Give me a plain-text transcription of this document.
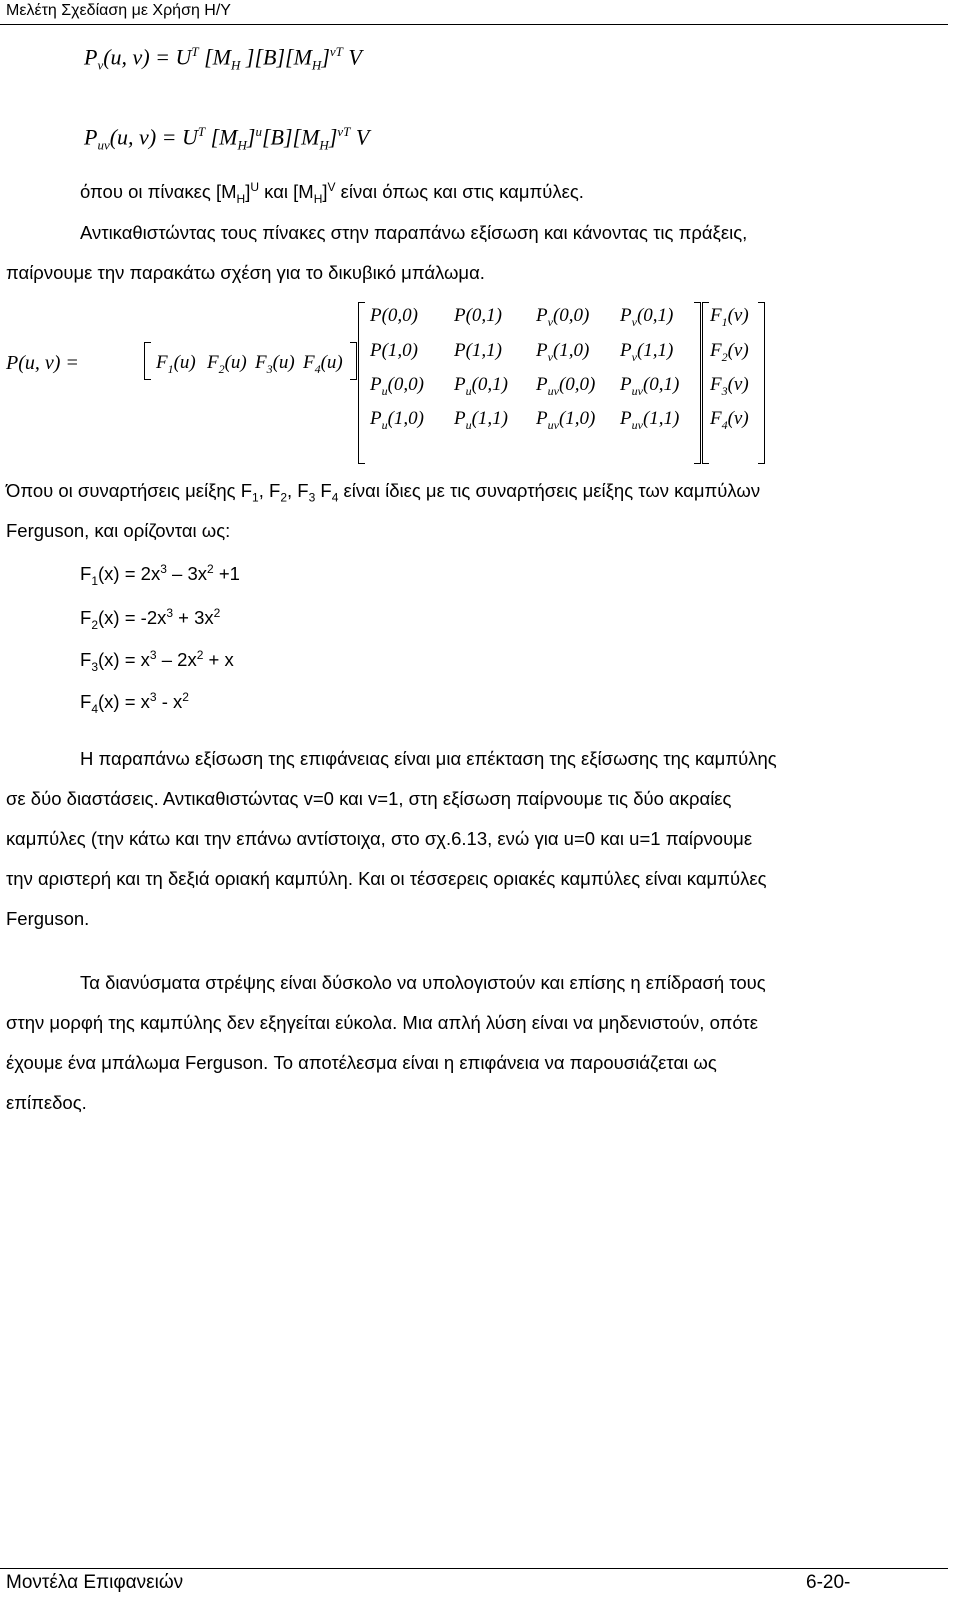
Μελέτη Σχεδίαση με Χρήση Η/Υ
$P_v(u$, $v) = U^T$ [$M_H$ ]$[B][M_H]^{vT}$ V
$P_{uv}(u$, $v) = U^T$ $[M_H]^u[B][M_H]^{vT}$ V
όπου οι πίνακες $[M_H]^U$ και $[M_H]^V$ είναι όπως και στις καμπύλες.
Αντικαθιστώντας τους πίνακες στην παραπάνω εξίσωση και κάνοντας τις πράξεις,
παίρνουμε την παρακάτω σχέση για το δικυβικό μπάλωμα.
P(u, v) =	$F_1(u)$ $F_2(u)$ $F_3(u)$ $F_4(u)$
P(0,0) P(0,1) $P_v(0,0)$ $P_v(0,1)$
P(1,0) P(1,1) $P_v(1,0)$ $P_v(1,1)$
$P_u(0,0)$ $P_u(0,1)$ $P_{uv}(0,0)$ $P_{uv}(0,1)$
$P_u(1,0)$ $P_u(1,1)$ $P_{uv}(1,0)$ $P_{uv}(1,1)$
$F_1(v)$
$F_2(v)$
$F_3(v)$
$F_4(v)$
Όπου οι συναρτήσεις μείξης $F_1$, $F_2$, $F_3$ $F_4$ είναι ίδιες με τις συναρτήσεις μείξης των καμπύλων
Ferguson, και ορίζονται ως:
$F_1(x) = 2x^3 - 3x^2 +1$
$F_2(x) = -2x^3 + 3x^2$
$F_3(x) = x^3 - 2x^2 + x$
$F_4(x) = x^3 - x^2$
Η παραπάνω εξίσωση της επιφάνειας είναι μια επέκταση της εξίσωσης της καμπύλης
σε δύο διαστάσεις. Αντικαθιστώντας v=0 και v=1, στη εξίσωση παίρνουμε τις δύο ακραίες
καμπύλες (την κάτω και την επάνω αντίστοιχα, στο σχ.6.13, ενώ για u=0 και u=1 παίρνουμε
την αριστερή και τη δεξιά οριακή καμπύλη. Και οι τέσσερεις οριακές καμπύλες είναι καμπύλες
Ferguson.
Τα διανύσματα στρέψης είναι δύσκολο να υπολογιστούν και επίσης η επίδρασή τους
στην μορφή της καμπύλης δεν εξηγείται εύκολα. Μια απλή λύση είναι να μηδενιστούν, οπότε
έχουμε ένα μπάλωμα Ferguson. Το αποτέλεσμα είναι η επιφάνεια να παρουσιάζεται ως
επίπεδος.
Μοντέλα Επιφανειών	6-20-
